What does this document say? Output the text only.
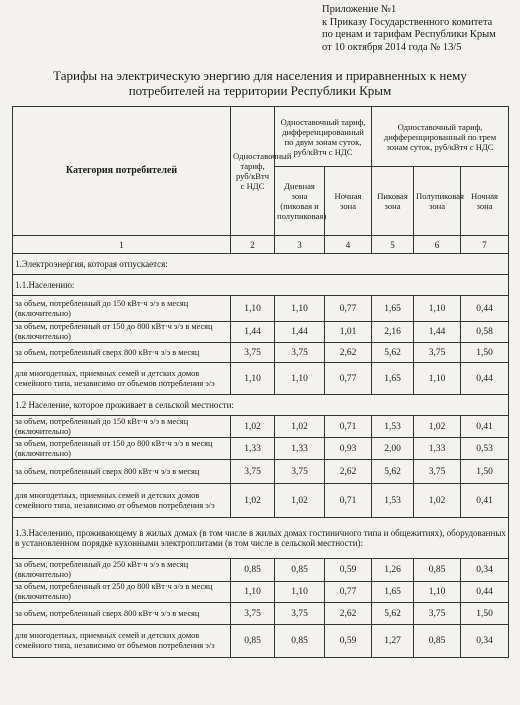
Приложение №1
к Приказу Государственного комитета
по ценам и тарифам Республики Крым
от 10 октября 2014 года № 13/5
Тарифы на электрическую энергию для населения и приравненных к нему
потребителей на территории Республики Крым
Категория потребителей	Одноставочный тариф, руб/кВтч с НДС	Одноставочный тариф, дифференцированный по двум зонам суток, руб/кВтч с НДС		Одноставочный тариф, дифференцированный по трем зонам суток, руб/кВтч с НДС		
		Дневная зона (пиковая и полупиковая)	Ночная зона	Пиковая зона	Полупиковая зона	Ночная зона
1	2	3	4	5	6	7
1.Электроэнергия, которая отпускается:						
1.1.Населению:						
за объем, потребленный до 150 кВт·ч э/э в месяц (включительно)	1,10	1,10	0,77	1,65	1,10	0,44
за объем, потребленный от 150 до 800 кВт·ч э/э в месяц (включительно)	1,44	1,44	1,01	2,16	1,44	0,58
за объем, потребленный сверх 800 кВт·ч э/э в месяц	3,75	3,75	2,62	5,62	3,75	1,50
для многодетных, приемных семей и детских домов семейного типа, независимо от объемов потребления э/э	1,10	1,10	0,77	1,65	1,10	0,44
1.2 Население, которое проживает в сельской местности:						
за объем, потребленный до 150 кВт·ч э/э в месяц (включительно)	1,02	1,02	0,71	1,53	1,02	0,41
за объем, потребленный от 150 до 800 кВт·ч э/э в месяц (включительно)	1,33	1,33	0,93	2,00	1,33	0,53
за объем, потребленный сверх 800 кВт·ч э/э в месяц	3,75	3,75	2,62	5,62	3,75	1,50
для многодетных, приемных семей и детских домов семейного типа, независимо от объемов потребления э/э	1,02	1,02	0,71	1,53	1,02	0,41
1.3.Населению, проживающему в жилых домах (в том числе в жилых домах гостиничного типа и общежитиях), оборудованных в установленном порядке кухонными электроплитами (в том числе в сельской местности):						
за объем, потребленный до 250 кВт·ч э/э в месяц (включительно)	0,85	0,85	0,59	1,26	0,85	0,34
за объем, потребленный от 250 до 800 кВт·ч э/э в месяц (включительно)	1,10	1,10	0,77	1,65	1,10	0,44
за объем, потребленный сверх 800 кВт·ч э/э в месяц	3,75	3,75	2,62	5,62	3,75	1,50
для многодетных, приемных семей и детских домов семейного типа, независимо от объемов потребления э/э	0,85	0,85	0,59	1,27	0,85	0,34
